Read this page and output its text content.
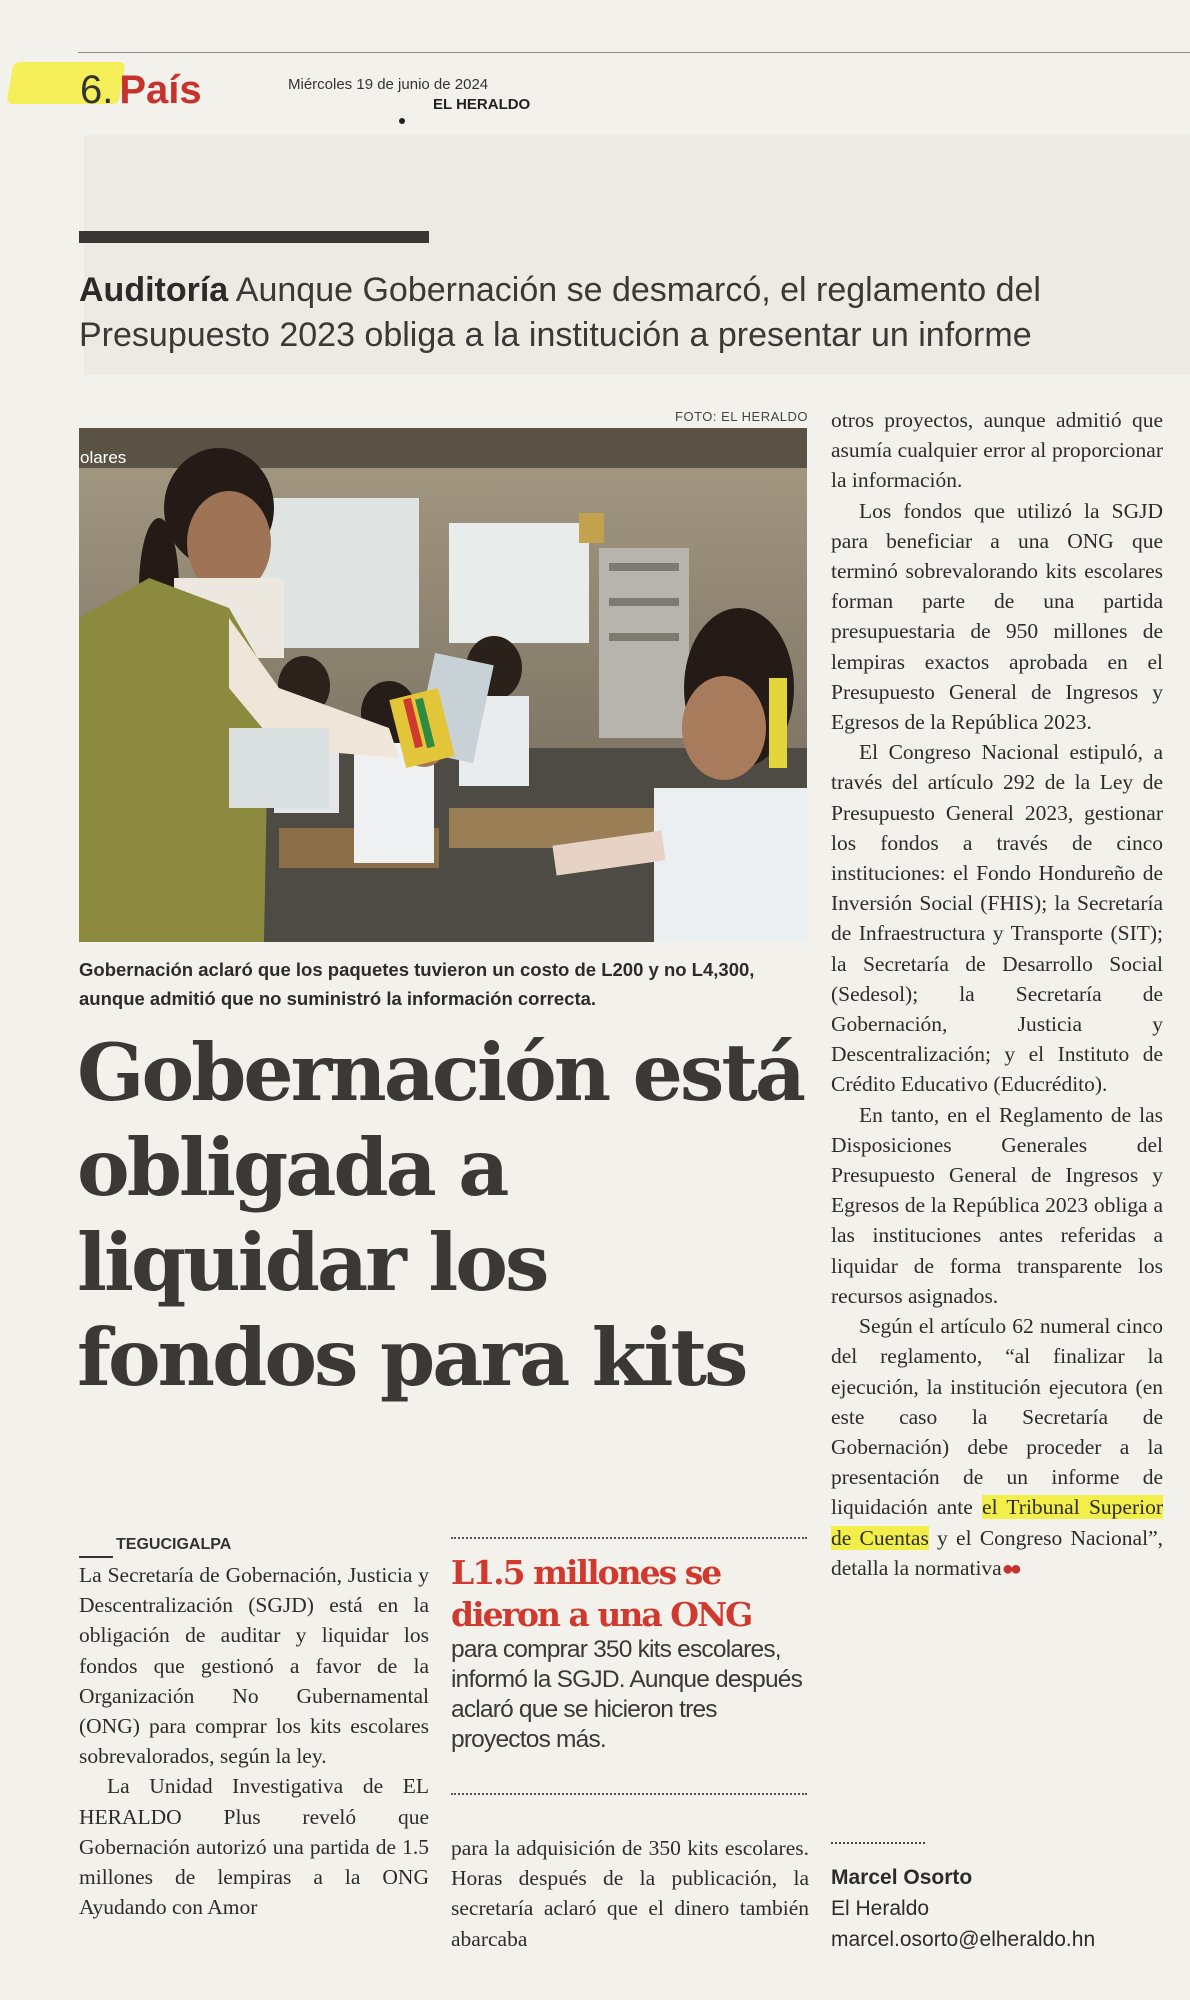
6. País	Miércoles 19 de junio de 2024
EL HERALDO
Auditoría Aunque Gobernación se desmarcó, el reglamento del Presupuesto 2023 obliga a la institución a presentar un informe
FOTO: EL HERALDO
olares
Gobernación aclaró que los paquetes tuvieron un costo de L200 y no L4,300, aunque admitió que no suministró la información correcta.
Gobernación está obligada a liquidar los fondos para kits
TEGUCIGALPA

La Secretaría de Gobernación, Justicia y Descentralización (SGJD) está en la obligación de auditar y liquidar los fondos que gestionó a favor de la Organización No Gubernamental (ONG) para comprar los kits escolares sobrevalorados, según la ley.

La Unidad Investigativa de EL HERALDO Plus reveló que Gobernación autorizó una partida de 1.5 millones de lempiras a la ONG Ayudando con Amor

L1.5 millones se dieron a una ONG
para comprar 350 kits escolares, informó la SGJD. Aunque después aclaró que se hicieron tres proyectos más.

para la adquisición de 350 kits escolares. Horas después de la publicación, la secretaría aclaró que el dinero también abarcaba

otros proyectos, aunque admitió que asumía cualquier error al proporcionar la información.

Los fondos que utilizó la SGJD para beneficiar a una ONG que terminó sobrevalorando kits escolares forman parte de una partida presupuestaria de 950 millones de lempiras exactos aprobada en el Presupuesto General de Ingresos y Egresos de la República 2023.

El Congreso Nacional estipuló, a través del artículo 292 de la Ley de Presupuesto General 2023, gestionar los fondos a través de cinco instituciones: el Fondo Hondureño de Inversión Social (FHIS); la Secretaría de Infraestructura y Transporte (SIT); la Secretaría de Desarrollo Social (Sedesol); la Secretaría de Gobernación, Justicia y Descentralización; y el Instituto de Crédito Educativo (Educrédito).

En tanto, en el Reglamento de las Disposiciones Generales del Presupuesto General de Ingresos y Egresos de la República 2023 obliga a las instituciones antes referidas a liquidar de forma transparente los recursos asignados.

Según el artículo 62 numeral cinco del reglamento, “al finalizar la ejecución, la institución ejecutora (en este caso la Secretaría de Gobernación) debe proceder a la presentación de un informe de liquidación ante el Tribunal Superior de Cuentas y el Congreso Nacional”, detalla la normativa●●

Marcel Osorto
El Heraldo
marcel.osorto@elheraldo.hn
